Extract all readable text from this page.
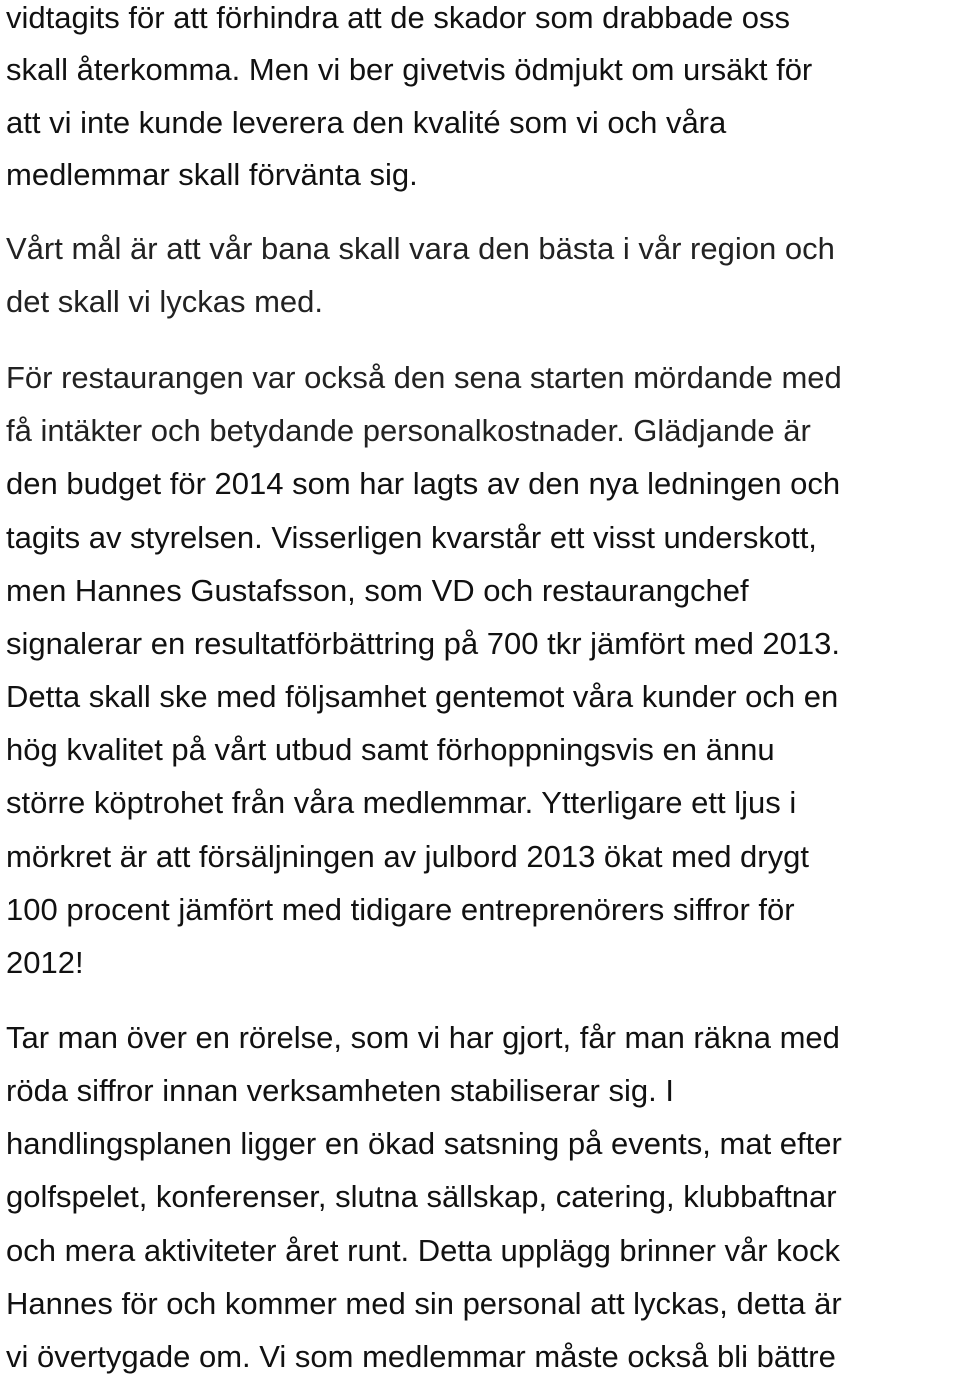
vidtagits för att förhindra att de skador som drabbade oss
skall återkomma. Men vi ber givetvis ödmjukt om ursäkt för
att vi inte kunde leverera den kvalité som vi och våra
medlemmar skall förvänta sig.
Vårt mål är att vår bana skall vara den bästa i vår region och
det skall vi lyckas med.
För restaurangen var också den sena starten mördande med
få intäkter och betydande personalkostnader. Glädjande är
den budget för 2014 som har lagts av den nya ledningen och
tagits av styrelsen. Visserligen kvarstår ett visst underskott,
men Hannes Gustafsson, som VD och restaurangchef
signalerar en resultatförbättring på 700 tkr jämfört med 2013.
Detta skall ske med följsamhet gentemot våra kunder och en
hög kvalitet på vårt utbud samt förhoppningsvis en ännu
större köptrohet från våra medlemmar. Ytterligare ett ljus i
mörkret är att försäljningen av julbord 2013 ökat med drygt
100 procent jämfört med tidigare entreprenörers siffror för
2012!
Tar man över en rörelse, som vi har gjort, får man räkna med
röda siffror innan verksamheten stabiliserar sig. I
handlingsplanen ligger en ökad satsning på events, mat efter
golfspelet, konferenser, slutna sällskap, catering, klubbaftnar
och mera aktiviteter året runt. Detta upplägg brinner vår kock
Hannes för och kommer med sin personal att lyckas, detta är
vi övertygade om. Vi som medlemmar måste också bli bättre
